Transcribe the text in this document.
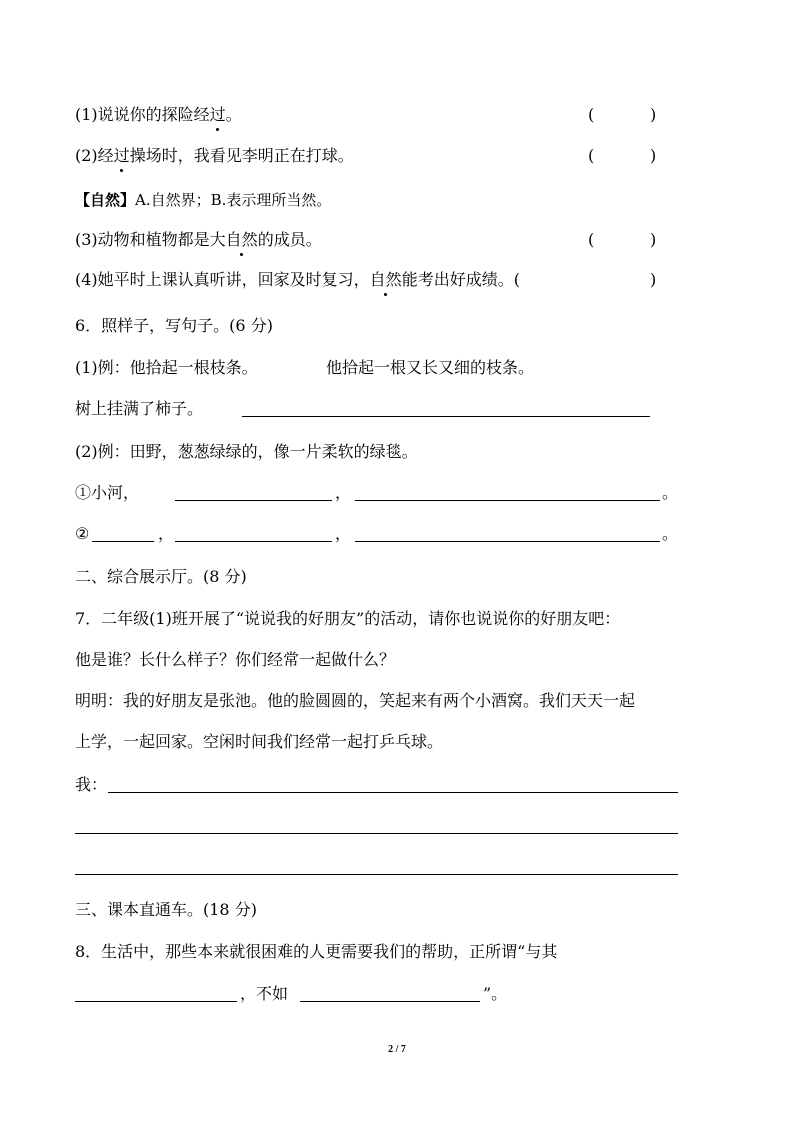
(1)说说你的探险经过。	(	)
(2)经过操场时，我看见李明正在打球。	(	)
【自然】A.自然界；B.表示理所当然。
(3)动物和植物都是大自然的成员。	(	)
(4)她平时上课认真听讲，回家及时复习，自然能考出好成绩。(	)
6．照样子，写句子。(6 分)
(1)例：他拾起一根枝条。	他拾起一根又长又细的枝条。
树上挂满了柿子。
(2)例：田野，葱葱绿绿的，像一片柔软的绿毯。
①小河，	，	。
②	，	，	。
二、综合展示厅。(8 分)
7．二年级(1)班开展了“说说我的好朋友”的活动，请你也说说你的好朋友吧：
他是谁？长什么样子？你们经常一起做什么？
明明：我的好朋友是张池。他的脸圆圆的，笑起来有两个小酒窝。我们天天一起
上学，一起回家。空闲时间我们经常一起打乒乓球。
我：
三、课本直通车。(18 分)
8．生活中，那些本来就很困难的人更需要我们的帮助，正所谓“与其
，不如	”。
2 / 7
